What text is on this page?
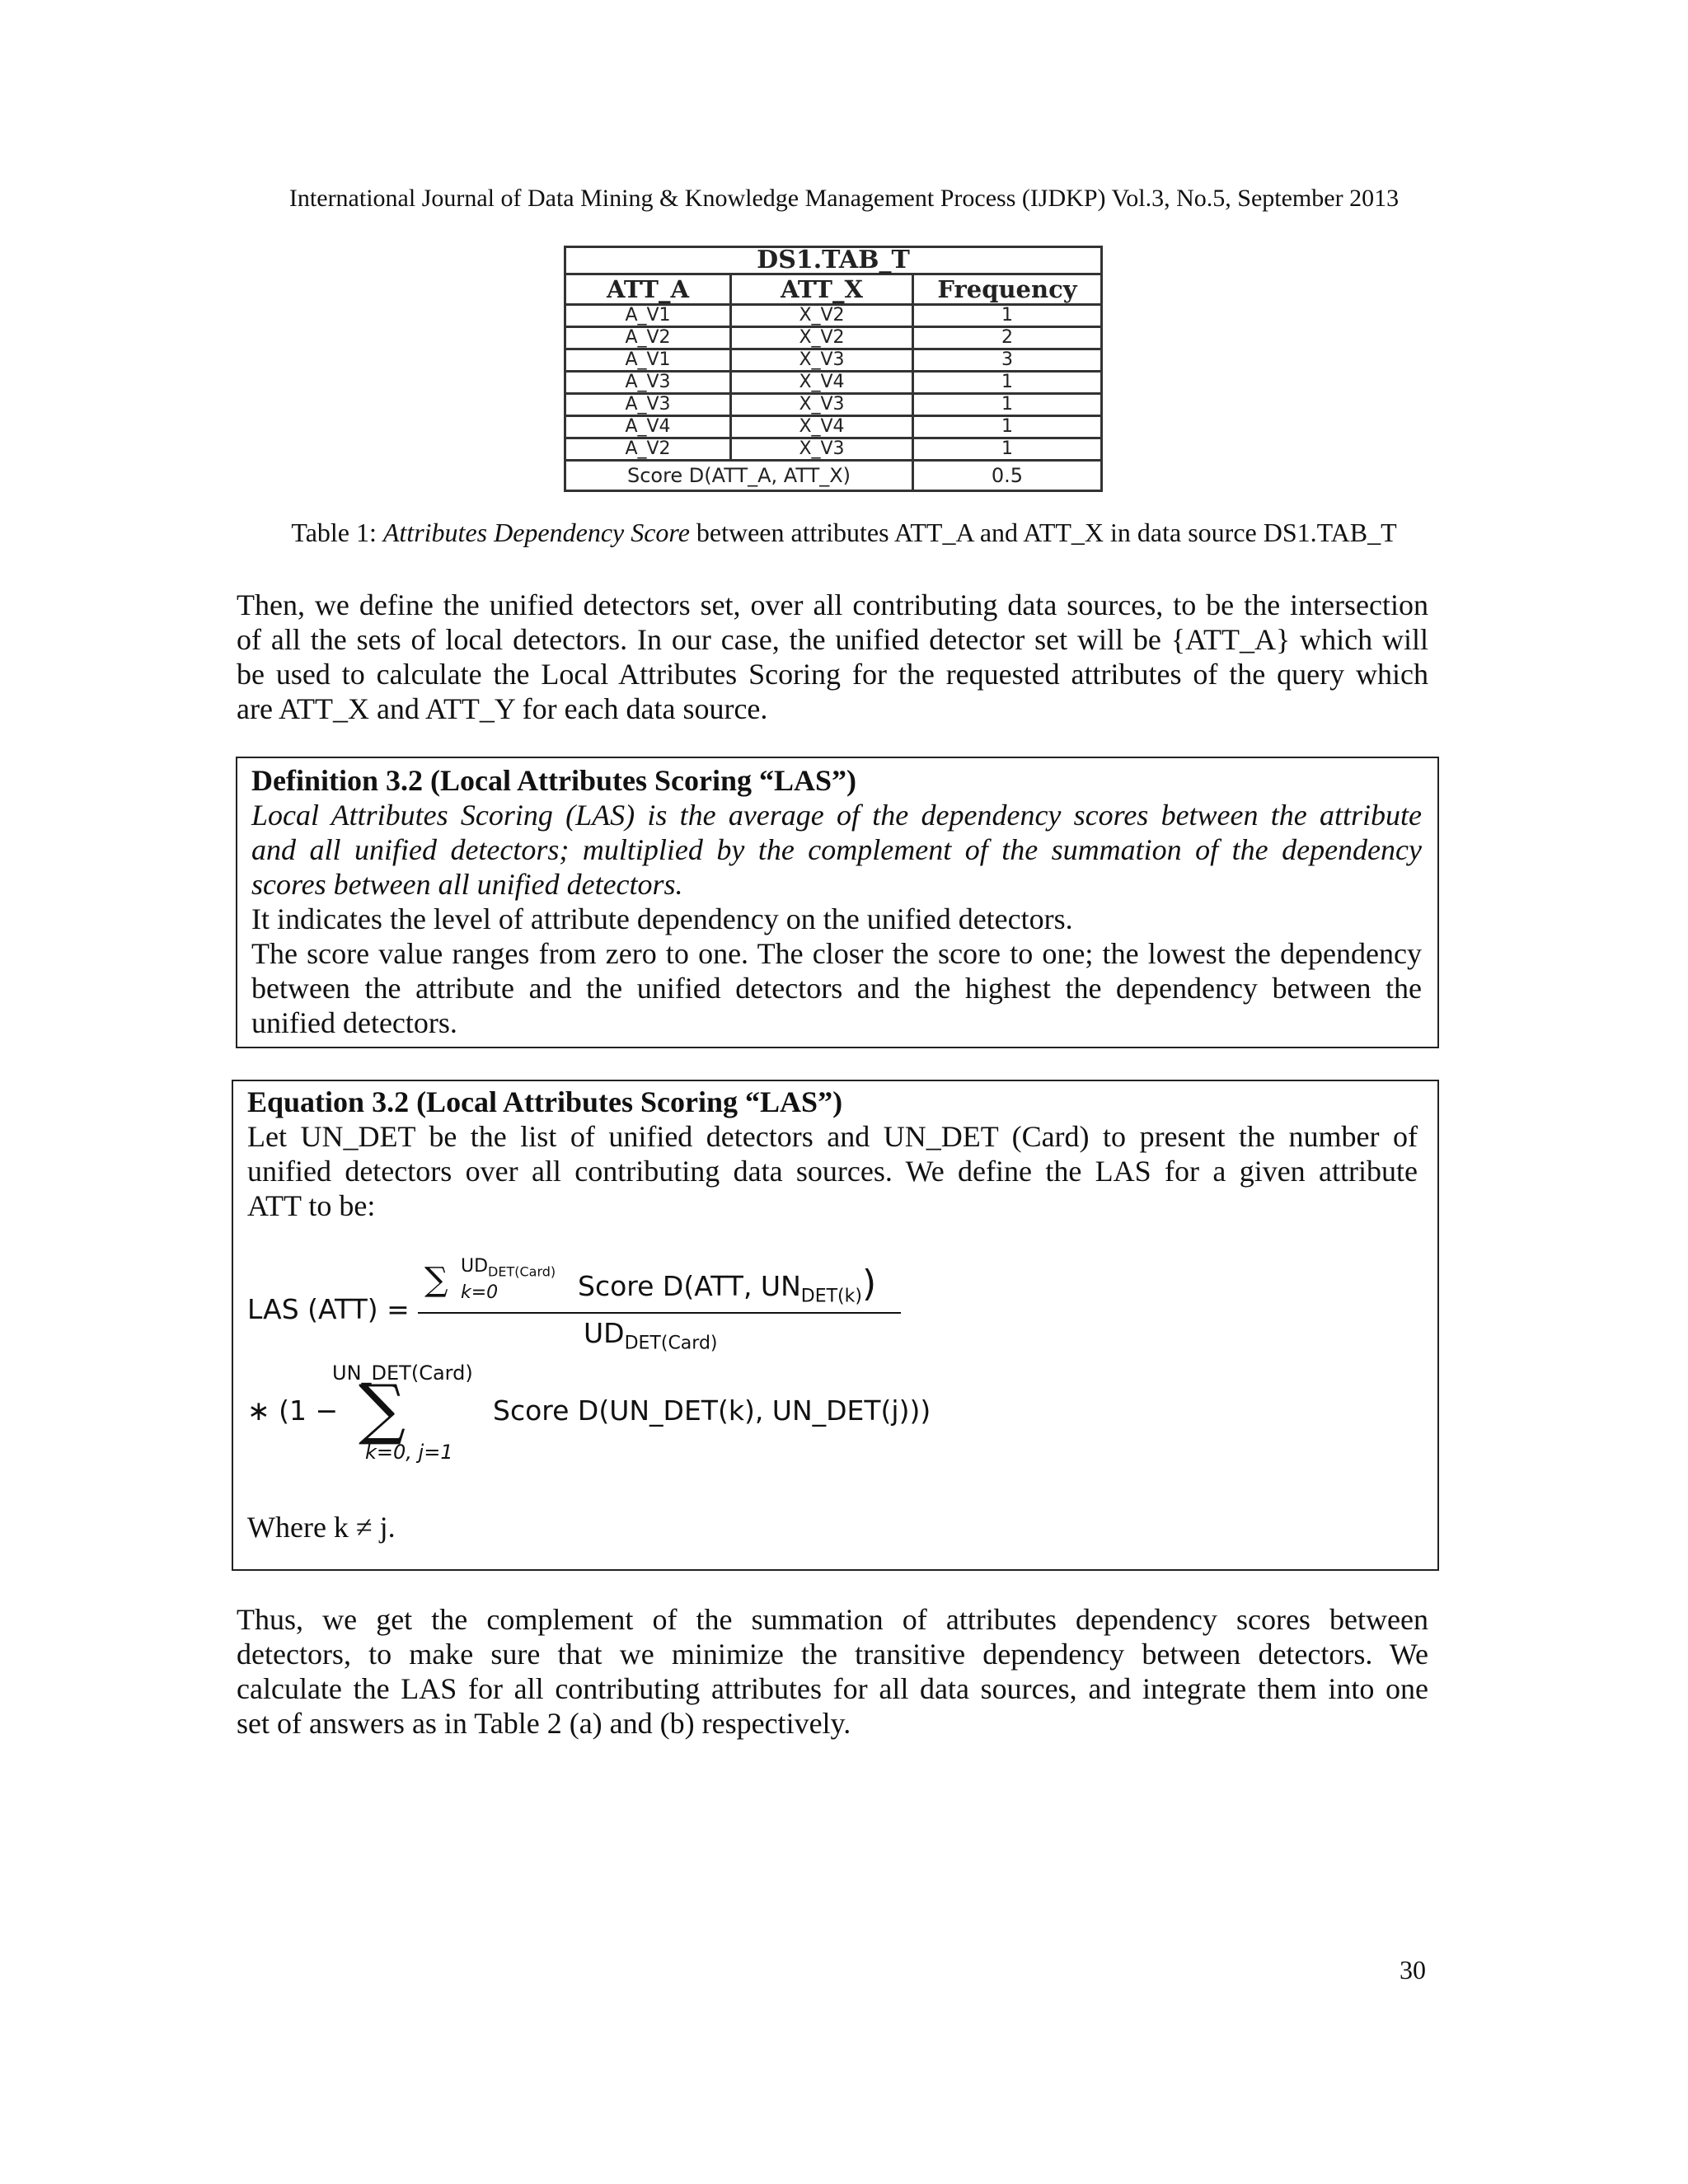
International Journal of Data Mining & Knowledge Management Process (IJDKP) Vol.3, No.5, September 2013
DS1.TAB_T		
ATT_A	ATT_X	Frequency
A_V1	X_V2	1
A_V2	X_V2	2
A_V1	X_V3	3
A_V3	X_V4	1
A_V3	X_V3	1
A_V4	X_V4	1
A_V2	X_V3	1
Score D(ATT_A, ATT_X)		0.5
Table 1: Attributes Dependency Score between attributes ATT_A and ATT_X in data source DS1.TAB_T
Then, we define the unified detectors set, over all contributing data sources, to be the intersection
of all the sets of local detectors. In our case, the unified detector set will be {ATT_A} which will
be used to calculate the Local Attributes Scoring for the requested attributes of the query which
are ATT_X and ATT_Y for each data source.
Definition 3.2 (Local Attributes Scoring “LAS”)
Local Attributes Scoring (LAS) is the average of the dependency scores between the attribute
and all unified detectors; multiplied by the complement of the summation of the dependency
scores between all unified detectors.
It indicates the level of attribute dependency on the unified detectors.
The score value ranges from zero to one. The closer the score to one; the lowest the dependency
between the attribute and the unified detectors and the highest the dependency between the
unified detectors.
Equation 3.2 (Local Attributes Scoring “LAS”)
Let UN_DET be the list of unified detectors and UN_DET (Card) to present the number of
unified detectors over all contributing data sources. We define the LAS for a given attribute
ATT to be:
LAS (ATT) =
∑ $UD_{DET(Card)}$
k=0	Score D(ATT, $UN_{DET(k)}$)
$UD_{DET(Card)}$
UN_DET(Card)
∗ (1 − ∑
k=0, j=1
Score D(UN_DET(k), UN_DET(j)))
Where k ≠ j.
Thus, we get the complement of the summation of attributes dependency scores between
detectors, to make sure that we minimize the transitive dependency between detectors. We
calculate the LAS for all contributing attributes for all data sources, and integrate them into one
set of answers as in Table 2 (a) and (b) respectively.
30
